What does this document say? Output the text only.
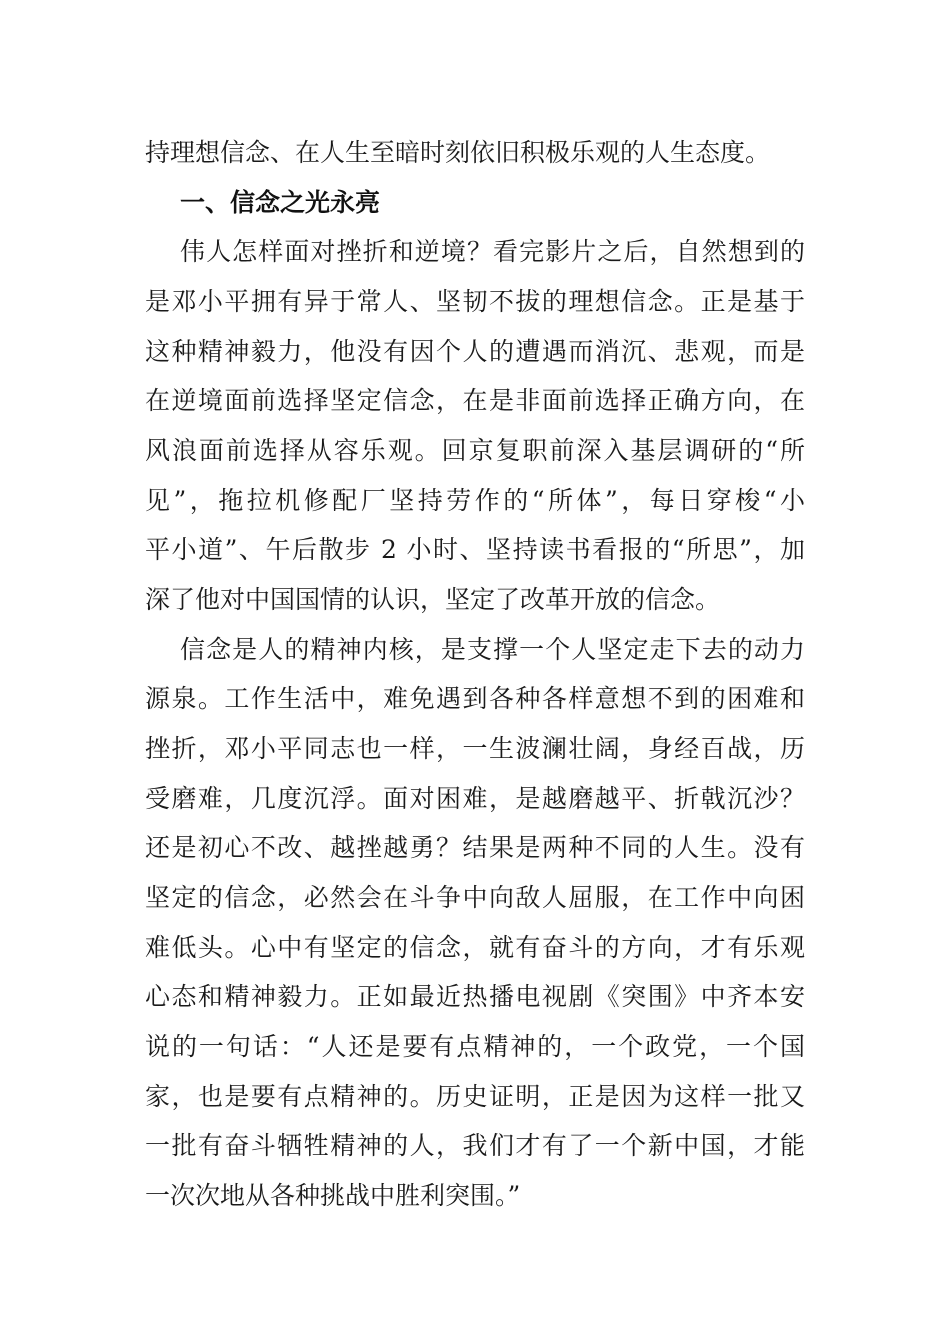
持理想信念、在人生至暗时刻依旧积极乐观的人生态度。
一、信念之光永亮
伟人怎样面对挫折和逆境？看完影片之后，自然想到的
是邓小平拥有异于常人、坚韧不拔的理想信念。正是基于
这种精神毅力，他没有因个人的遭遇而消沉、悲观，而是
在逆境面前选择坚定信念，在是非面前选择正确方向，在
风浪面前选择从容乐观。回京复职前深入基层调研的“所
见”，拖拉机修配厂坚持劳作的“所体”，每日穿梭“小
平小道”、午后散步 2 小时、坚持读书看报的“所思”，加
深了他对中国国情的认识，坚定了改革开放的信念。
信念是人的精神内核，是支撑一个人坚定走下去的动力
源泉。工作生活中，难免遇到各种各样意想不到的困难和
挫折，邓小平同志也一样，一生波澜壮阔，身经百战，历
受磨难，几度沉浮。面对困难，是越磨越平、折戟沉沙？
还是初心不改、越挫越勇？结果是两种不同的人生。没有
坚定的信念，必然会在斗争中向敌人屈服，在工作中向困
难低头。心中有坚定的信念，就有奋斗的方向，才有乐观
心态和精神毅力。正如最近热播电视剧《突围》中齐本安
说的一句话：“人还是要有点精神的，一个政党，一个国
家，也是要有点精神的。历史证明，正是因为这样一批又
一批有奋斗牺牲精神的人，我们才有了一个新中国，才能
一次次地从各种挑战中胜利突围。”
